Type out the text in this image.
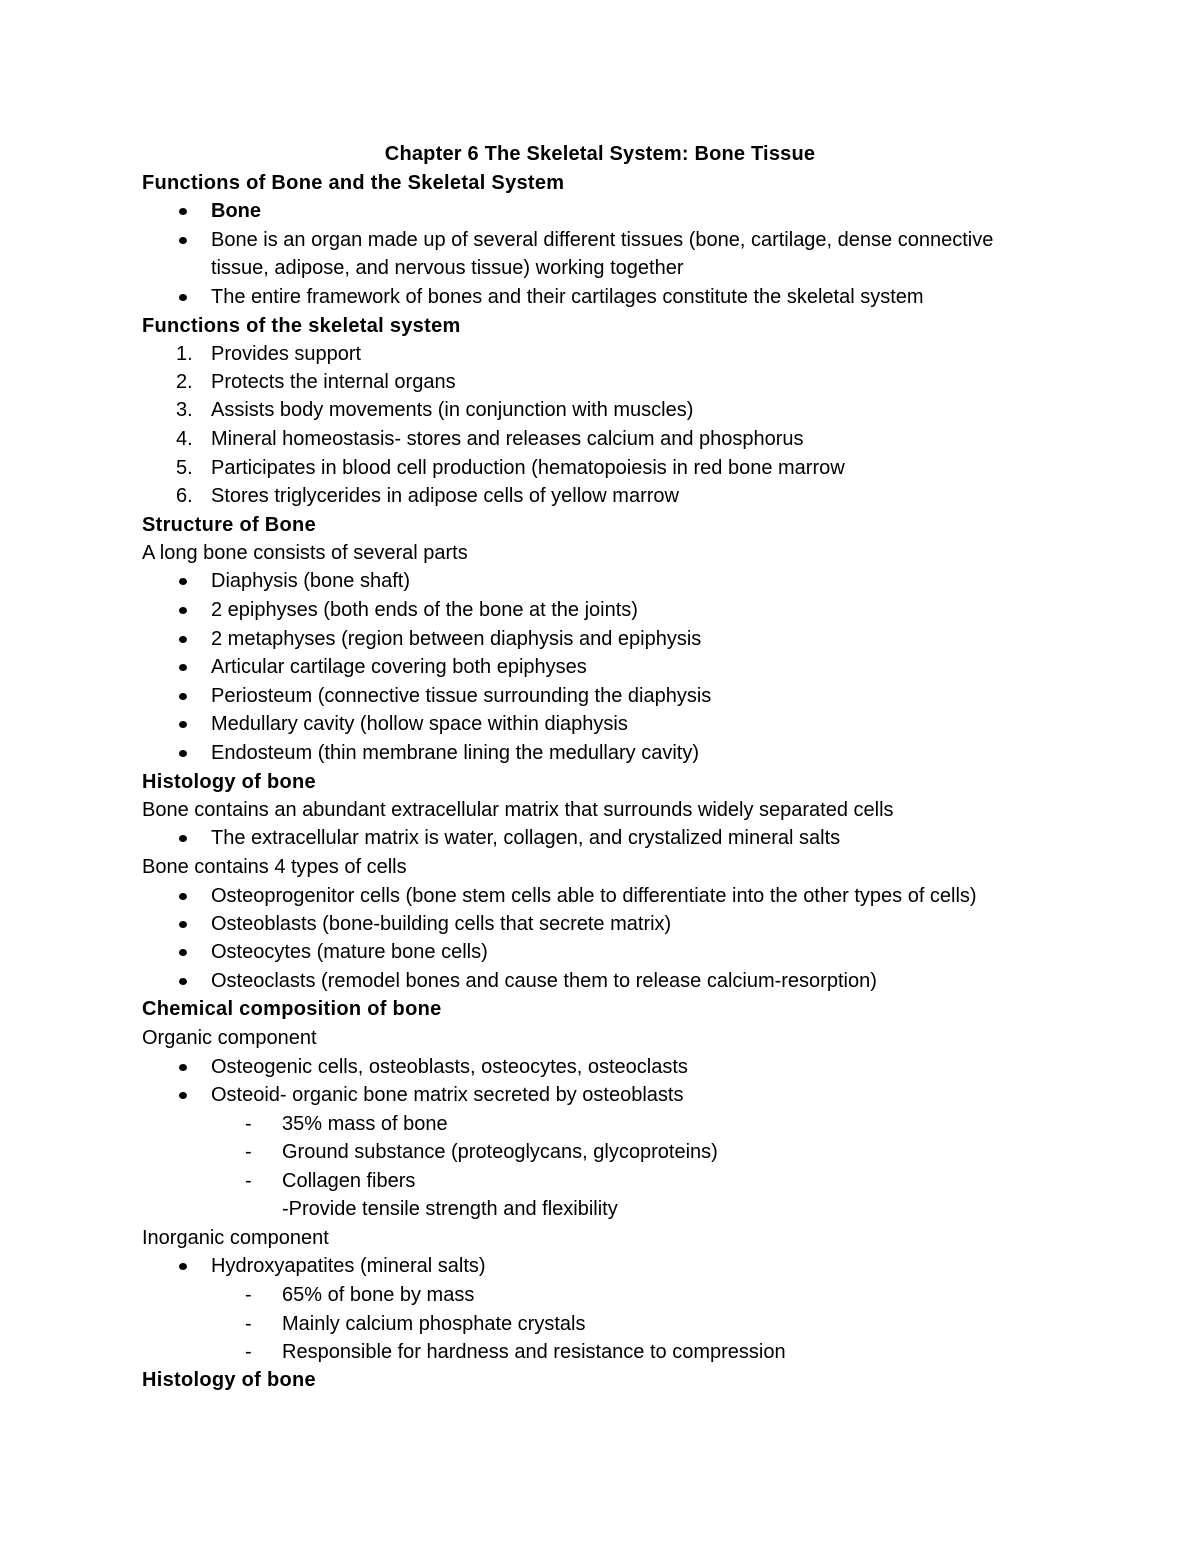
Chapter 6 The Skeletal System: Bone Tissue
Functions of Bone and the Skeletal System
Bone
Bone is an organ made up of several different tissues (bone, cartilage, dense connective
tissue, adipose, and nervous tissue) working together
The entire framework of bones and their cartilages constitute the skeletal system
Functions of the skeletal system
1. Provides support
2. Protects the internal organs
3. Assists body movements (in conjunction with muscles)
4. Mineral homeostasis- stores and releases calcium and phosphorus
5. Participates in blood cell production (hematopoiesis in red bone marrow
6. Stores triglycerides in adipose cells of yellow marrow
Structure of Bone
A long bone consists of several parts
Diaphysis (bone shaft)
2 epiphyses (both ends of the bone at the joints)
2 metaphyses (region between diaphysis and epiphysis
Articular cartilage covering both epiphyses
Periosteum (connective tissue surrounding the diaphysis
Medullary cavity (hollow space within diaphysis
Endosteum (thin membrane lining the medullary cavity)
Histology of bone
Bone contains an abundant extracellular matrix that surrounds widely separated cells
The extracellular matrix is water, collagen, and crystalized mineral salts
Bone contains 4 types of cells
Osteoprogenitor cells (bone stem cells able to differentiate into the other types of cells)
Osteoblasts (bone-building cells that secrete matrix)
Osteocytes (mature bone cells)
Osteoclasts (remodel bones and cause them to release calcium-resorption)
Chemical composition of bone
Organic component
Osteogenic cells, osteoblasts, osteocytes, osteoclasts
Osteoid- organic bone matrix secreted by osteoblasts
- 35% mass of bone
- Ground substance (proteoglycans, glycoproteins)
- Collagen fibers
-Provide tensile strength and flexibility
Inorganic component
Hydroxyapatites (mineral salts)
- 65% of bone by mass
- Mainly calcium phosphate crystals
- Responsible for hardness and resistance to compression
Histology of bone
